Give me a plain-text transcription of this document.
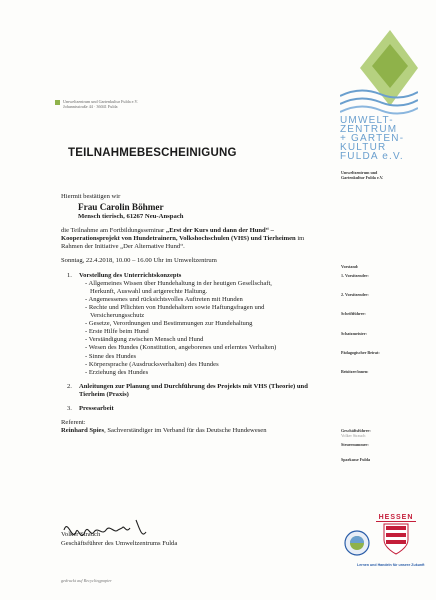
Umweltzentrum und Gartenkultur Fulda e.V.
Johannisstraße 44 · 36041 Fulda
UMWELT-
ZENTRUM
+ GARTEN-
KULTUR
FULDA e.V.
TEILNAHMEBESCHEINIGUNG

Hiermit bestätigen wir

Frau Carolin Böhmer

Mensch tierisch, 61267 Neu-Anspach

die Teilnahme am Fortbildungsseminar „Erst der Kurs und dann der Hund“ – Kooperationsprojekt von Hundetrainern, Volkshochschulen (VHS) und Tierheimen im Rahmen der Initiative „Der Alternative Hund“.

Sonntag, 22.4.2018, 10.00 – 16.00 Uhr im Umweltzentrum

1. Vorstellung des Unterrichtskonzepts
- Allgemeines Wissen über Hundehaltung in der heutigen Gesellschaft,
Herkunft, Auswahl und artgerechte Haltung.
- Angemessenes und rücksichtsvolles Auftreten mit Hunden
- Rechte und Pflichten von Hundehaltern sowie Haftungsfragen und
Versicherungsschutz
- Gesetze, Verordnungen und Bestimmungen zur Hundehaltung
- Erste Hilfe beim Hund
- Verständigung zwischen Mensch und Hund
- Wesen des Hundes (Konstitution, angeborenes und erlerntes Verhalten)
- Sinne des Hundes
- Körpersprache (Ausdrucksverhalten) des Hundes
- Erziehung des Hundes
2.	Anleitungen zur Planung und Durchführung des Projekts mit VHS (Theorie) und Tierheim (Praxis)
3. Pressearbeit

Referent:

Reinhard Spies, Sachverständiger im Verband für das Deutsche Hundewesen

Volker Strauch
Geschäftsführer des Umweltzentrums Fulda
gedruckt auf Recyclingpapier
Umweltzentrum und
Gartenkultur Fulda e.V.
Vorstand:
1. Vorsitzender:
2. Vorsitzender:
Schriftführer:
Schatzmeister:
Pädagogischer Beirat:
Beisitzer/innen:
Geschäftsführer:
Volker Strauch
Steuernummer:
Sparkasse Fulda
HESSEN
Lernen und Handeln für unsere Zukunft
